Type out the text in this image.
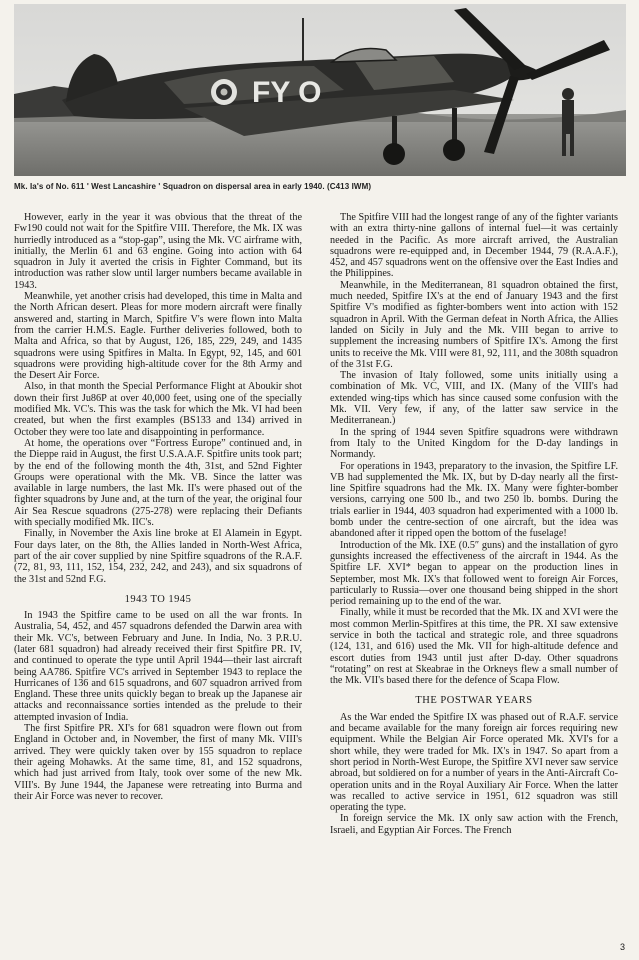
FY O
Mk. Ia's of No. 611 ' West Lancashire ' Squadron on dispersal area in early 1940. (C413 IWM)

However, early in the year it was obvious that the threat of the Fw190 could not wait for the Spitfire VIII. Therefore, the Mk. IX was hurriedly introduced as a “stop-gap”, using the Mk. VC airframe with, initially, the Merlin 61 and 63 engine. Going into action with 64 squadron in July it averted the crisis in Fighter Command, but its introduction was rather slow until larger numbers became available in 1943.

Meanwhile, yet another crisis had developed, this time in Malta and the North African desert. Pleas for more modern aircraft were finally answered and, starting in March, Spitfire V's were flown into Malta from the carrier H.M.S. Eagle. Further deliveries followed, both to Malta and Africa, so that by August, 126, 185, 229, 249, and 1435 squadrons were using Spitfires in Malta. In Egypt, 92, 145, and 601 squadrons were providing high-altitude cover for the 8th Army and the Desert Air Force.

Also, in that month the Special Performance Flight at Aboukir shot down their first Ju86P at over 40,000 feet, using one of the specially modified Mk. VC's. This was the task for which the Mk. VI had been created, but when the first examples (BS133 and 134) arrived in October they were too late and disappointing in performance.

At home, the operations over “Fortress Europe” continued and, in the Dieppe raid in August, the first U.S.A.A.F. Spitfire units took part; by the end of the following month the 4th, 31st, and 52nd Fighter Groups were operational with the Mk. VB. Since the latter was available in large numbers, the last Mk. II's were phased out of the fighter squadrons by June and, at the turn of the year, the original four Air Sea Rescue squadrons (275-278) were replacing their Defiants with specially modified Mk. IIC's.

Finally, in November the Axis line broke at El Alamein in Egypt. Four days later, on the 8th, the Allies landed in North-West Africa, part of the air cover supplied by nine Spitfire squadrons of the R.A.F. (72, 81, 93, 111, 152, 154, 232, 242, and 243), and six squadrons of the 31st and 52nd F.G.

1943 TO 1945

In 1943 the Spitfire came to be used on all the war fronts. In Australia, 54, 452, and 457 squadrons defended the Darwin area with their Mk. VC's, between February and June. In India, No. 3 P.R.U. (later 681 squadron) had already received their first Spitfire PR. IV, and continued to operate the type until April 1944—their last aircraft being AA786. Spitfire VC's arrived in September 1943 to replace the Hurricanes of 136 and 615 squadrons, and 607 squadron arrived from England. These three units quickly began to break up the Japanese air attacks and reconnaissance sorties intended as the prelude to their attempted invasion of India.

The first Spitfire PR. XI's for 681 squadron were flown out from England in October and, in November, the first of many Mk. VIII's arrived. They were quickly taken over by 155 squadron to replace their ageing Mohawks. At the same time, 81, and 152 squadrons, which had just arrived from Italy, took over some of the new Mk. VIII's. By June 1944, the Japanese were retreating into Burma and their Air Force was never to recover.

The Spitfire VIII had the longest range of any of the fighter variants with an extra thirty-nine gallons of internal fuel—it was certainly needed in the Pacific. As more aircraft arrived, the Australian squadrons were re-equipped and, in December 1944, 79 (R.A.A.F.), 452, and 457 squadrons went on the offensive over the East Indies and the Philippines.

Meanwhile, in the Mediterranean, 81 squadron obtained the first, much needed, Spitfire IX's at the end of January 1943 and the first Spitfire V's modified as fighter-bombers went into action with 152 squadron in April. With the German defeat in North Africa, the Allies landed on Sicily in July and the Mk. VIII began to arrive to supplement the increasing numbers of Spitfire IX's. Among the first units to receive the Mk. VIII were 81, 92, 111, and the 308th squadron of the 31st F.G.

The invasion of Italy followed, some units initially using a combination of Mk. VC, VIII, and IX. (Many of the VIII's had extended wing-tips which has since caused some confusion with the Mk. VII. Very few, if any, of the latter saw service in the Mediterranean.)

In the spring of 1944 seven Spitfire squadrons were withdrawn from Italy to the United Kingdom for the D-day landings in Normandy.

For operations in 1943, preparatory to the invasion, the Spitfire LF. VB had supplemented the Mk. IX, but by D-day nearly all the first-line Spitfire squadrons had the Mk. IX. Many were fighter-bomber versions, carrying one 500 lb., and two 250 lb. bombs. During the trials earlier in 1944, 403 squadron had experimented with a 1000 lb. bomb under the centre-section of one aircraft, but the idea was abandoned after it ripped open the bottom of the fuselage!

Introduction of the Mk. IXE (0.5″ guns) and the installation of gyro gunsights increased the effectiveness of the aircraft in 1944. As the Spitfire LF. XVI* began to appear on the production lines in September, most Mk. IX's that followed went to foreign Air Forces, particularly to Russia—over one thousand being shipped in the short period remaining up to the end of the war.

Finally, while it must be recorded that the Mk. IX and XVI were the most common Merlin-Spitfires at this time, the PR. XI saw extensive service in both the tactical and strategic role, and three squadrons (124, 131, and 616) used the Mk. VII for high-altitude defence and escort duties from 1943 until just after D-day. Other squadrons “rotating” on rest at Skeabrae in the Orkneys flew a small number of the Mk. VII's based there for the defence of Scapa Flow.

THE POSTWAR YEARS

As the War ended the Spitfire IX was phased out of R.A.F. service and became available for the many foreign air forces requiring new equipment. While the Belgian Air Force operated Mk. XVI's for a short while, they were traded for Mk. IX's in 1947. So apart from a short period in North-West Europe, the Spitfire XVI never saw service abroad, but soldiered on for a number of years in the Anti-Aircraft Co-operation units and in the Royal Auxiliary Air Force. When the latter was recalled to active service in 1951, 612 squadron was still operating the type.

In foreign service the Mk. IX only saw action with the French, Israeli, and Egyptian Air Forces. The French

3
